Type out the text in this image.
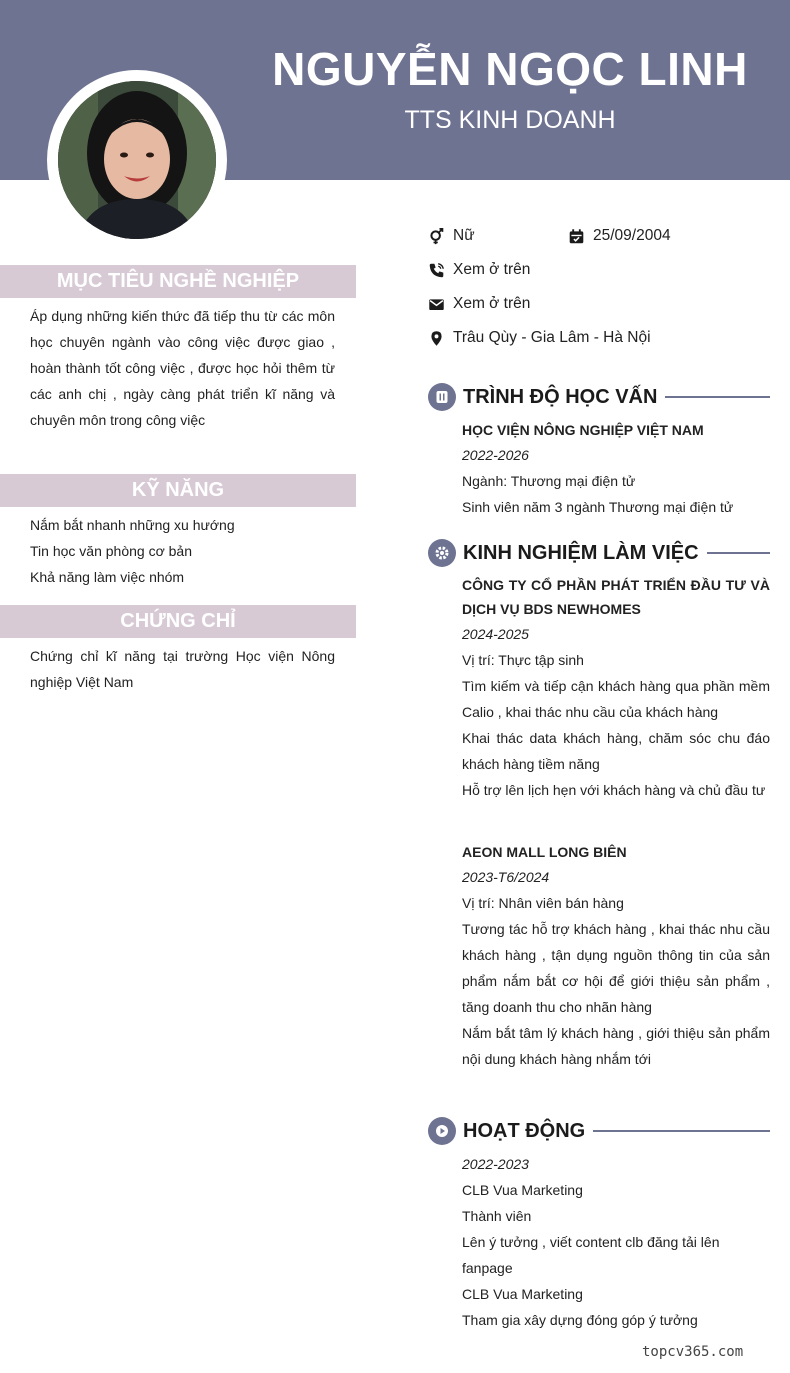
NGUYỄN NGỌC LINH
TTS KINH DOANH
MỤC TIÊU NGHỀ NGHIỆP
Áp dụng những kiến thức đã tiếp thu từ các môn học chuyên ngành vào công việc được giao , hoàn thành tốt công việc , được học hỏi thêm từ các anh chị , ngày càng phát triển kĩ năng và chuyên môn trong công việc
KỸ NĂNG
Nắm bắt nhanh những xu hướng
Tin học văn phòng cơ bản
Khả năng làm việc nhóm
CHỨNG CHỈ
Chứng chỉ kĩ năng tại trường Học viện Nông nghiệp Việt Nam
Nữ	25/09/2004
Xem ở trên
Xem ở trên
Trâu Qùy - Gia Lâm - Hà Nội
TRÌNH ĐỘ HỌC VẤN
HỌC VIỆN NÔNG NGHIỆP VIỆT NAM
2022-2026
Ngành: Thương mại điện tử
Sinh viên năm 3 ngành Thương mại điện tử
KINH NGHIỆM LÀM VIỆC
CÔNG TY CỔ PHẦN PHÁT TRIỂN ĐẦU TƯ VÀ DỊCH VỤ BDS NEWHOMES
2024-2025
Vị trí: Thực tập sinh
Tìm kiếm và tiếp cận khách hàng qua phần mềm Calio , khai thác nhu cầu của khách hàng
Khai thác data khách hàng, chăm sóc chu đáo khách hàng tiềm năng
Hỗ trợ lên lịch hẹn với khách hàng và chủ đầu tư
AEON MALL LONG BIÊN
2023-T6/2024
Vị trí: Nhân viên bán hàng
Tương tác hỗ trợ khách hàng , khai thác nhu cầu khách hàng , tận dụng nguồn thông tin của sản phẩm nắm bắt cơ hội để giới thiệu sản phẩm , tăng doanh thu cho nhãn hàng
Nắm bắt tâm lý khách hàng , giới thiệu sản phẩm nội dung khách hàng nhắm tới
HOẠT ĐỘNG
2022-2023
CLB Vua Marketing
Thành viên
Lên ý tưởng , viết content clb đăng tải lên fanpage
CLB Vua Marketing
Tham gia xây dựng đóng góp ý tưởng
topcv365.com
